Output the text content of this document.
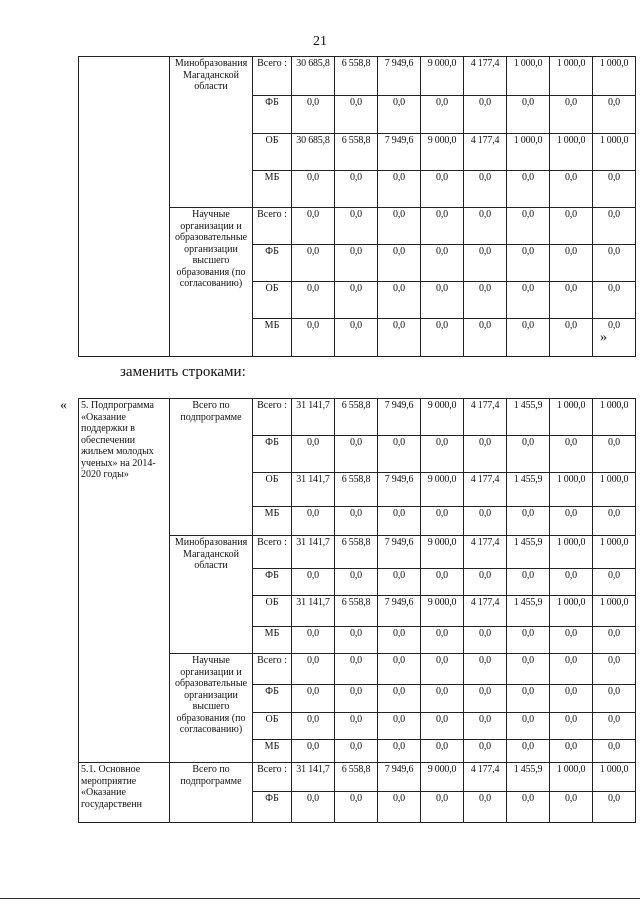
21
	Минобразования Магаданской области	Всего :	30 685,8	6 558,8	7 949,6	9 000,0	4 177,4	1 000,0	1 000,0	1 000,0
		ФБ	0,0	0,0	0,0	0,0	0,0	0,0	0,0	0,0
		ОБ	30 685,8	6 558,8	7 949,6	9 000,0	4 177,4	1 000,0	1 000,0	1 000,0
		МБ	0,0	0,0	0,0	0,0	0,0	0,0	0,0	0,0
	Научные организации и образовательные организации высшего образования (по согласованию)	Всего :	0,0	0,0	0,0	0,0	0,0	0,0	0,0	0,0
		ФБ	0,0	0,0	0,0	0,0	0,0	0,0	0,0	0,0
		ОБ	0,0	0,0	0,0	0,0	0,0	0,0	0,0	0,0
		МБ	0,0	0,0	0,0	0,0	0,0	0,0	0,0	0,0
»
заменить строками:
« 5. Подпрограмма «Оказание поддержки в обеспечении жильем молодых ученых» на 2014-2020 годы»	Всего по подпрограмме	Всего :	31 141,7	6 558,8	7 949,6	9 000,0	4 177,4	1 455,9	1 000,0	1 000,0
		ФБ	0,0	0,0	0,0	0,0	0,0	0,0	0,0	0,0
		ОБ	31 141,7	6 558,8	7 949,6	9 000,0	4 177,4	1 455,9	1 000,0	1 000,0
		МБ	0,0	0,0	0,0	0,0	0,0	0,0	0,0	0,0
	Минобразования Магаданской области	Всего :	31 141,7	6 558,8	7 949,6	9 000,0	4 177,4	1 455,9	1 000,0	1 000,0
		ФБ	0,0	0,0	0,0	0,0	0,0	0,0	0,0	0,0
		ОБ	31 141,7	6 558,8	7 949,6	9 000,0	4 177,4	1 455,9	1 000,0	1 000,0
		МБ	0,0	0,0	0,0	0,0	0,0	0,0	0,0	0,0
	Научные организации и образовательные организации высшего образования (по согласованию)	Всего :	0,0	0,0	0,0	0,0	0,0	0,0	0,0	0,0
		ФБ	0,0	0,0	0,0	0,0	0,0	0,0	0,0	0,0
		ОБ	0,0	0,0	0,0	0,0	0,0	0,0	0,0	0,0
		МБ	0,0	0,0	0,0	0,0	0,0	0,0	0,0	0,0
5.1. Основное мероприятие «Оказание государственн	Всего по подпрограмме	Всего :	31 141,7	6 558,8	7 949,6	9 000,0	4 177,4	1 455,9	1 000,0	1 000,0
		ФБ	0,0	0,0	0,0	0,0	0,0	0,0	0,0	0,0
